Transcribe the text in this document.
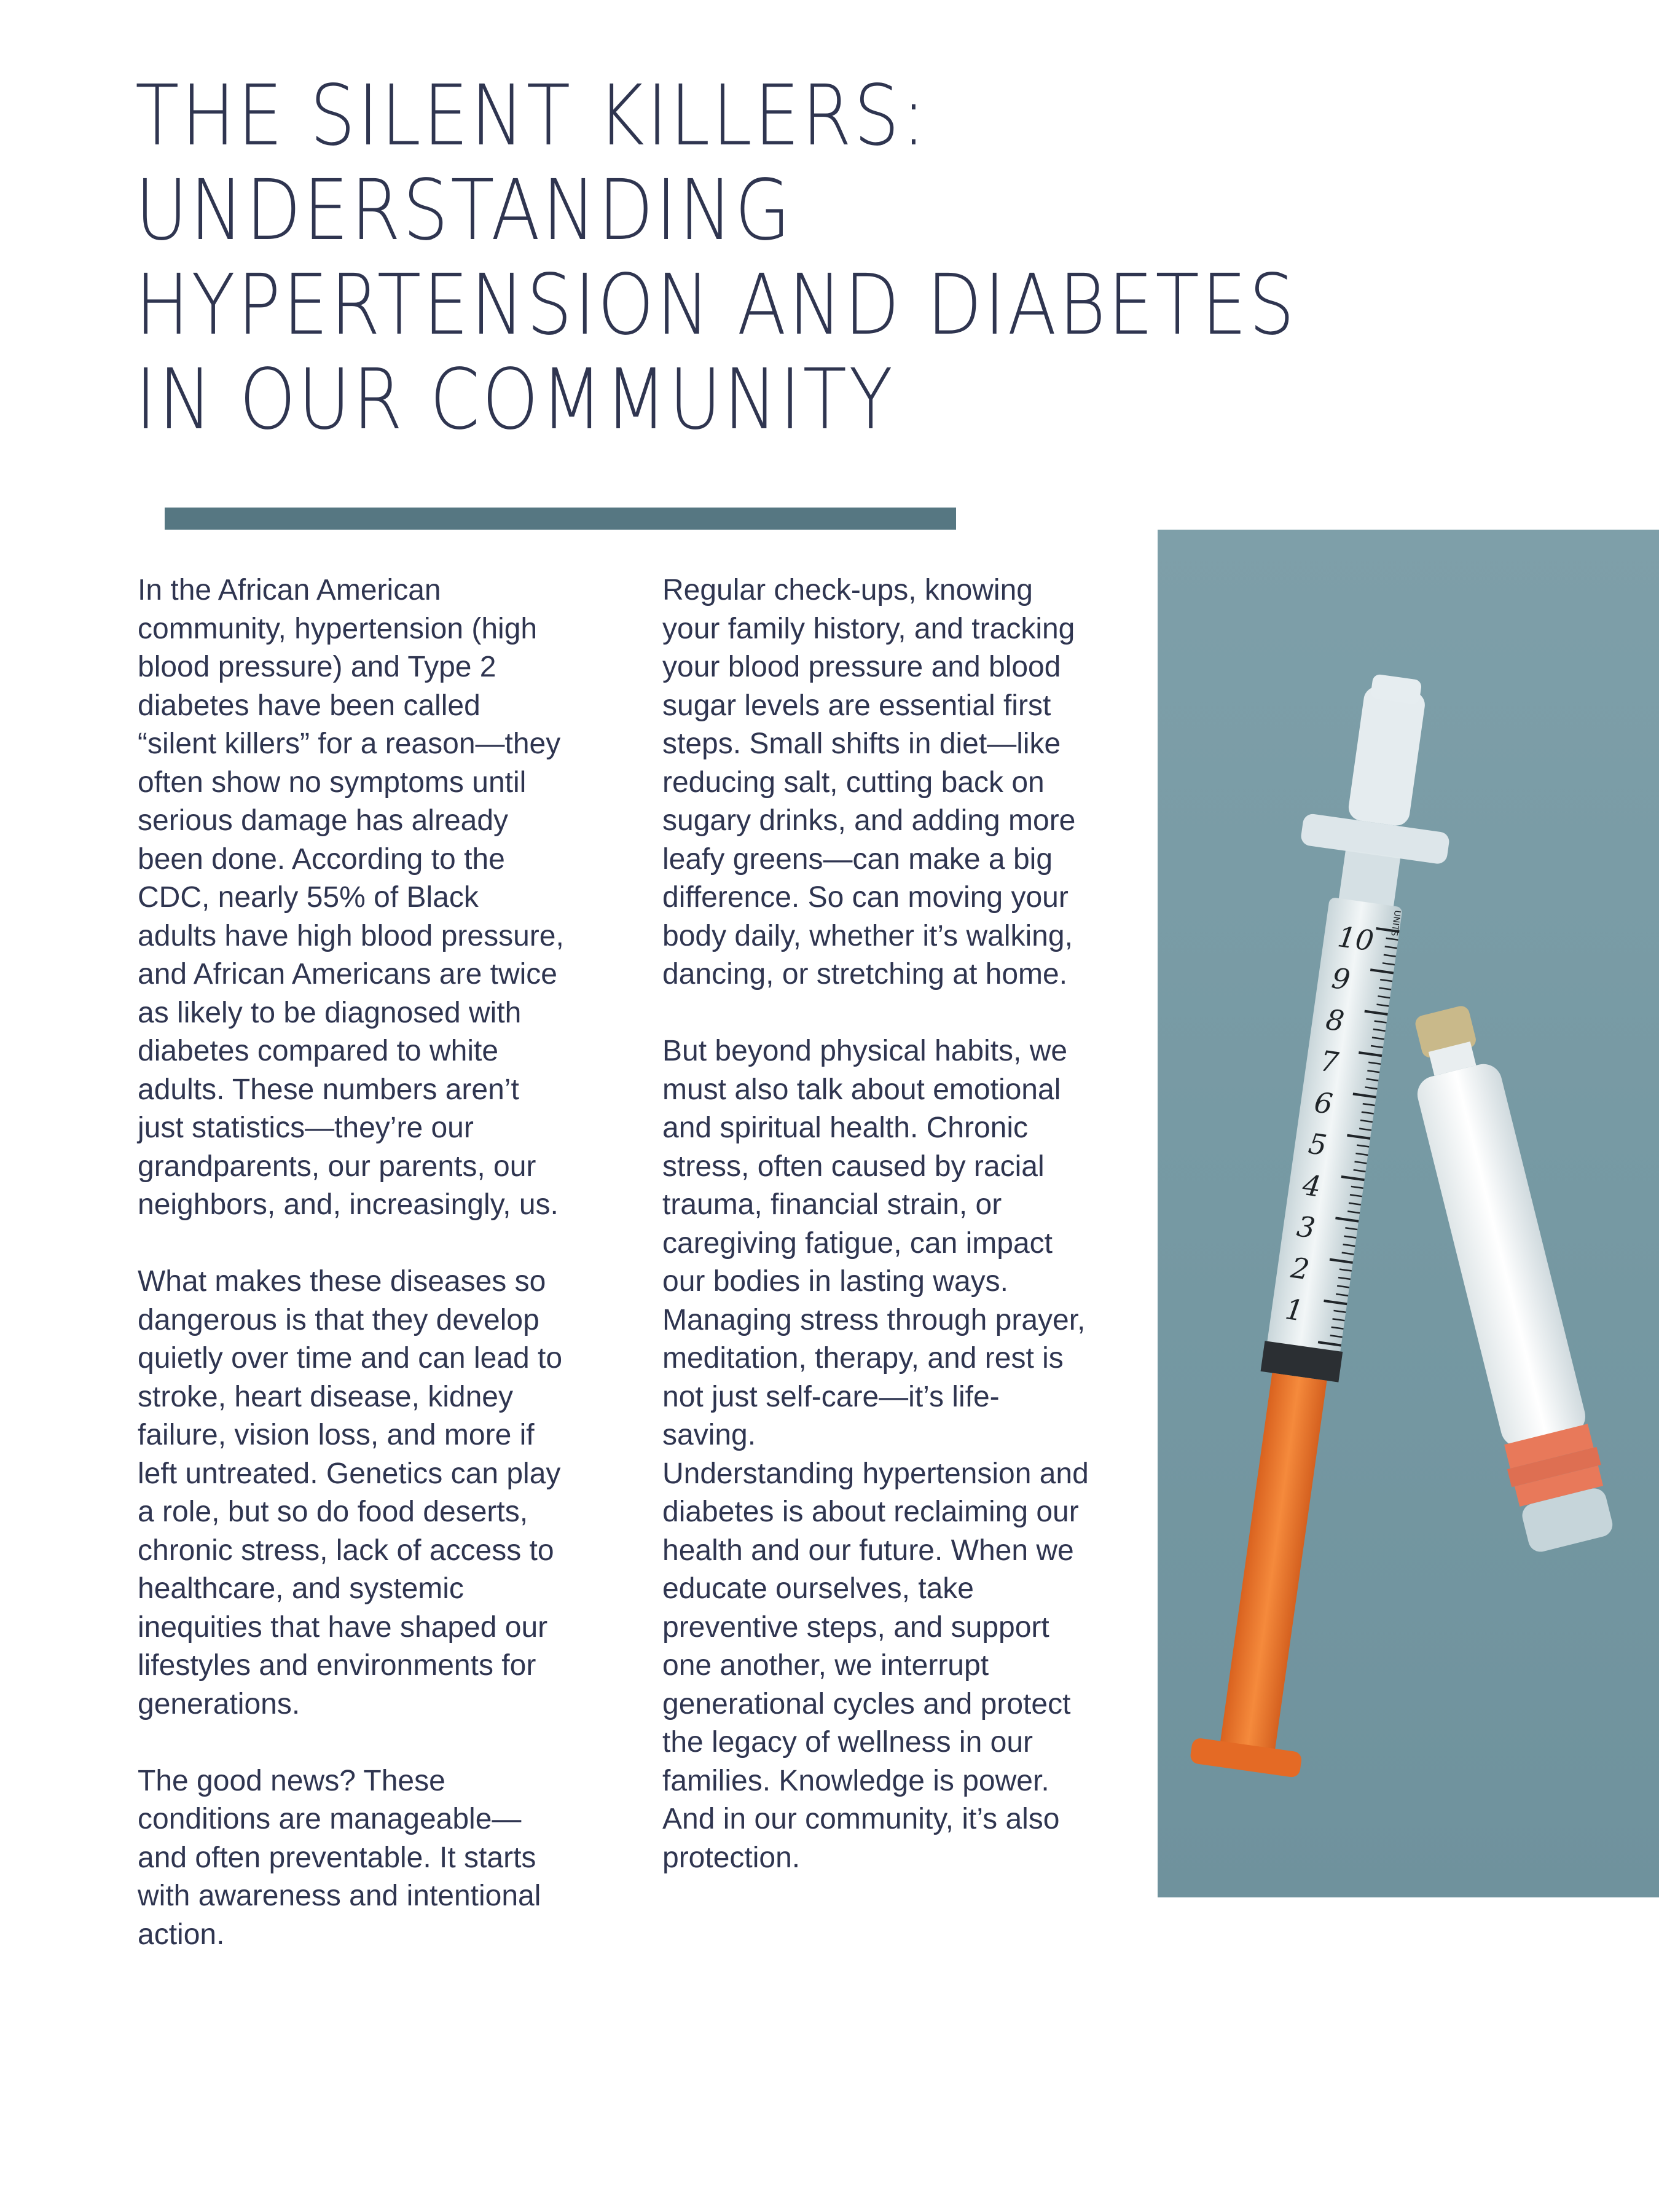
THE SILENT KILLERS:
UNDERSTANDING
HYPERTENSION AND DIABETES
IN OUR COMMUNITY

In the African American

community, hypertension (high

blood pressure) and Type 2

diabetes have been called

“silent killers” for a reason—they

often show no symptoms until

serious damage has already

been done. According to the

CDC, nearly 55% of Black

adults have high blood pressure,

and African Americans are twice

as likely to be diagnosed with

diabetes compared to white

adults. These numbers aren’t

just statistics—they’re our

grandparents, our parents, our

neighbors, and, increasingly, us.

What makes these diseases so

dangerous is that they develop

quietly over time and can lead to

stroke, heart disease, kidney

failure, vision loss, and more if

left untreated. Genetics can play

a role, but so do food deserts,

chronic stress, lack of access to

healthcare, and systemic

inequities that have shaped our

lifestyles and environments for

generations.

The good news? These

conditions are manageable—

and often preventable. It starts

with awareness and intentional

action.

Regular check-ups, knowing

your family history, and tracking

your blood pressure and blood

sugar levels are essential first

steps. Small shifts in diet—like

reducing salt, cutting back on

sugary drinks, and adding more

leafy greens—can make a big

difference. So can moving your

body daily, whether it’s walking,

dancing, or stretching at home.

But beyond physical habits, we

must also talk about emotional

and spiritual health. Chronic

stress, often caused by racial

trauma, financial strain, or

caregiving fatigue, can impact

our bodies in lasting ways.

Managing stress through prayer,

meditation, therapy, and rest is

not just self-care—it’s life-

saving.

Understanding hypertension and

diabetes is about reclaiming our

health and our future. When we

educate ourselves, take

preventive steps, and support

one another, we interrupt

generational cycles and protect

the legacy of wellness in our

families. Knowledge is power.

And in our community, it’s also

protection.

10
9
8
7
6
5
4
3
2
1
UNITS
